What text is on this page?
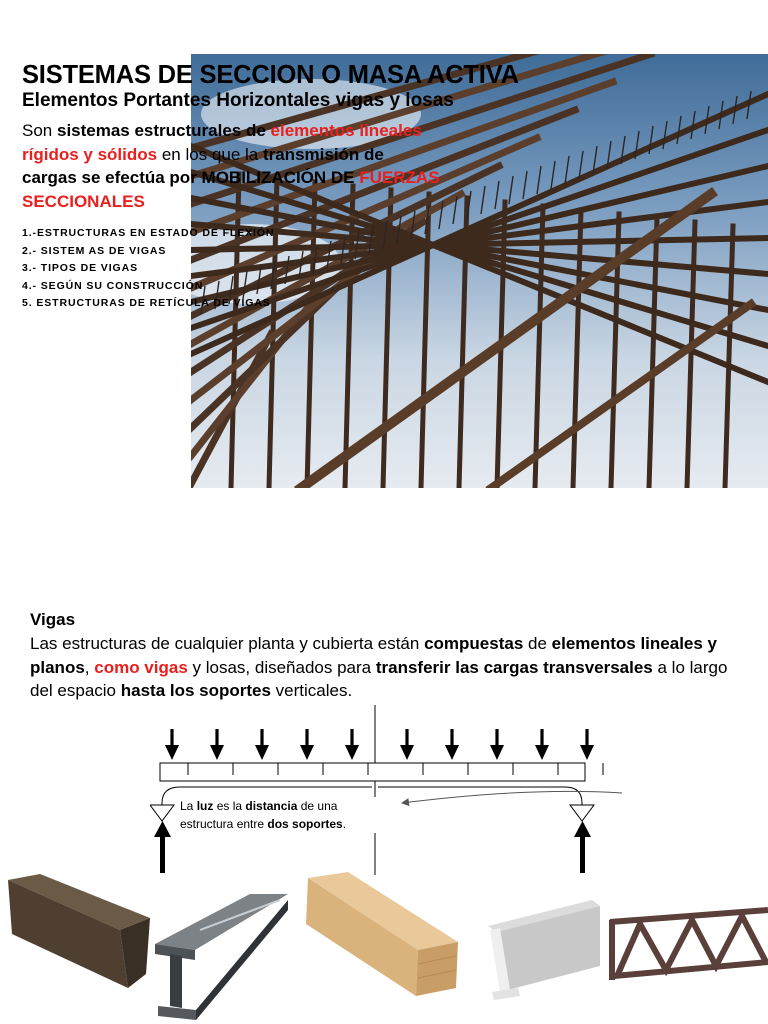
SISTEMAS DE SECCION O MASA ACTIVA
Elementos Portantes Horizontales vigas y losas

Son sistemas estructurales de elementos lineales rígidos y sólidos en los que la transmisión de cargas se efectúa por MOBILIZACIÓN DE FUERZAS SECCIONALES

1.-ESTRUCTURAS EN ESTADO DE FLEXIÓN
2.- SISTEM AS DE VIGAS
3.- TIPOS DE VIGAS
4.- SEGÚN SU CONSTRUCCIÓN
5. ESTRUCTURAS DE RETÍCULA DE VIGAS
Vigas

Las estructuras de cualquier planta y cubierta están compuestas de elementos lineales y planos, como vigas y losas, diseñados para transferir las cargas transversales a lo largo del espacio hasta los soportes verticales.

La luz es la distancia de una estructura entre dos soportes.
